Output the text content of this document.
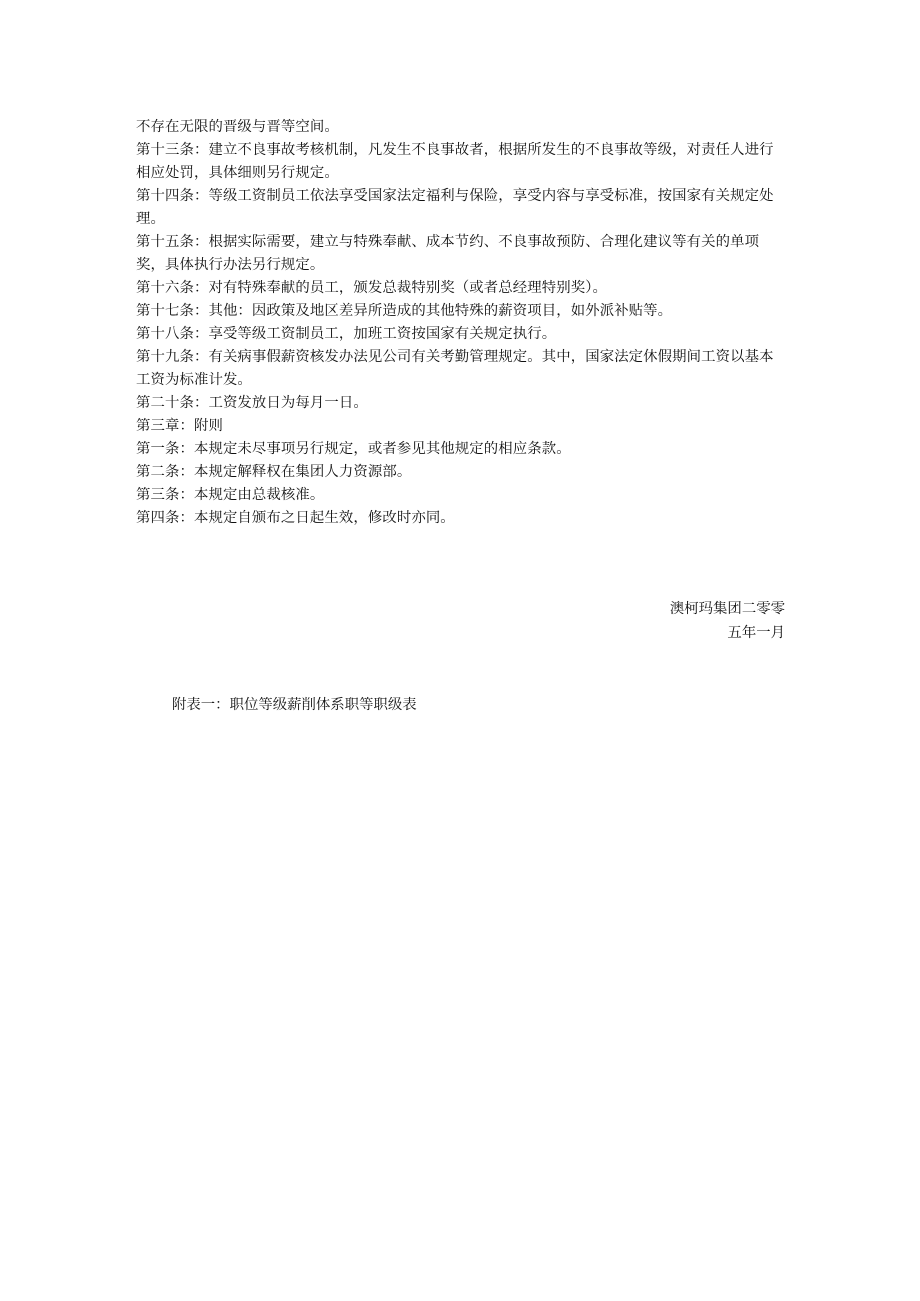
不存在无限的晋级与晋等空间。

第十三条：建立不良事故考核机制，凡发生不良事故者，根据所发生的不良事故等级，对责任人进行相应处罚，具体细则另行规定。

第十四条：等级工资制员工依法享受国家法定福利与保险，享受内容与享受标准，按国家有关规定处理。

第十五条：根据实际需要，建立与特殊奉献、成本节约、不良事故预防、合理化建议等有关的单项奖，具体执行办法另行规定。

第十六条：对有特殊奉献的员工，颁发总裁特别奖（或者总经理特别奖）。

第十七条：其他：因政策及地区差异所造成的其他特殊的薪资项目，如外派补贴等。

第十八条：享受等级工资制员工，加班工资按国家有关规定执行。

第十九条：有关病事假薪资核发办法见公司有关考勤管理规定。其中，国家法定休假期间工资以基本工资为标准计发。

第二十条：工资发放日为每月一日。

第三章：附则

第一条：本规定未尽事项另行规定，或者参见其他规定的相应条款。

第二条：本规定解释权在集团人力资源部。

第三条：本规定由总裁核准。

第四条：本规定自颁布之日起生效，修改时亦同。

澳柯玛集团二零零
五年一月
附表一：职位等级薪削体系职等职级表
